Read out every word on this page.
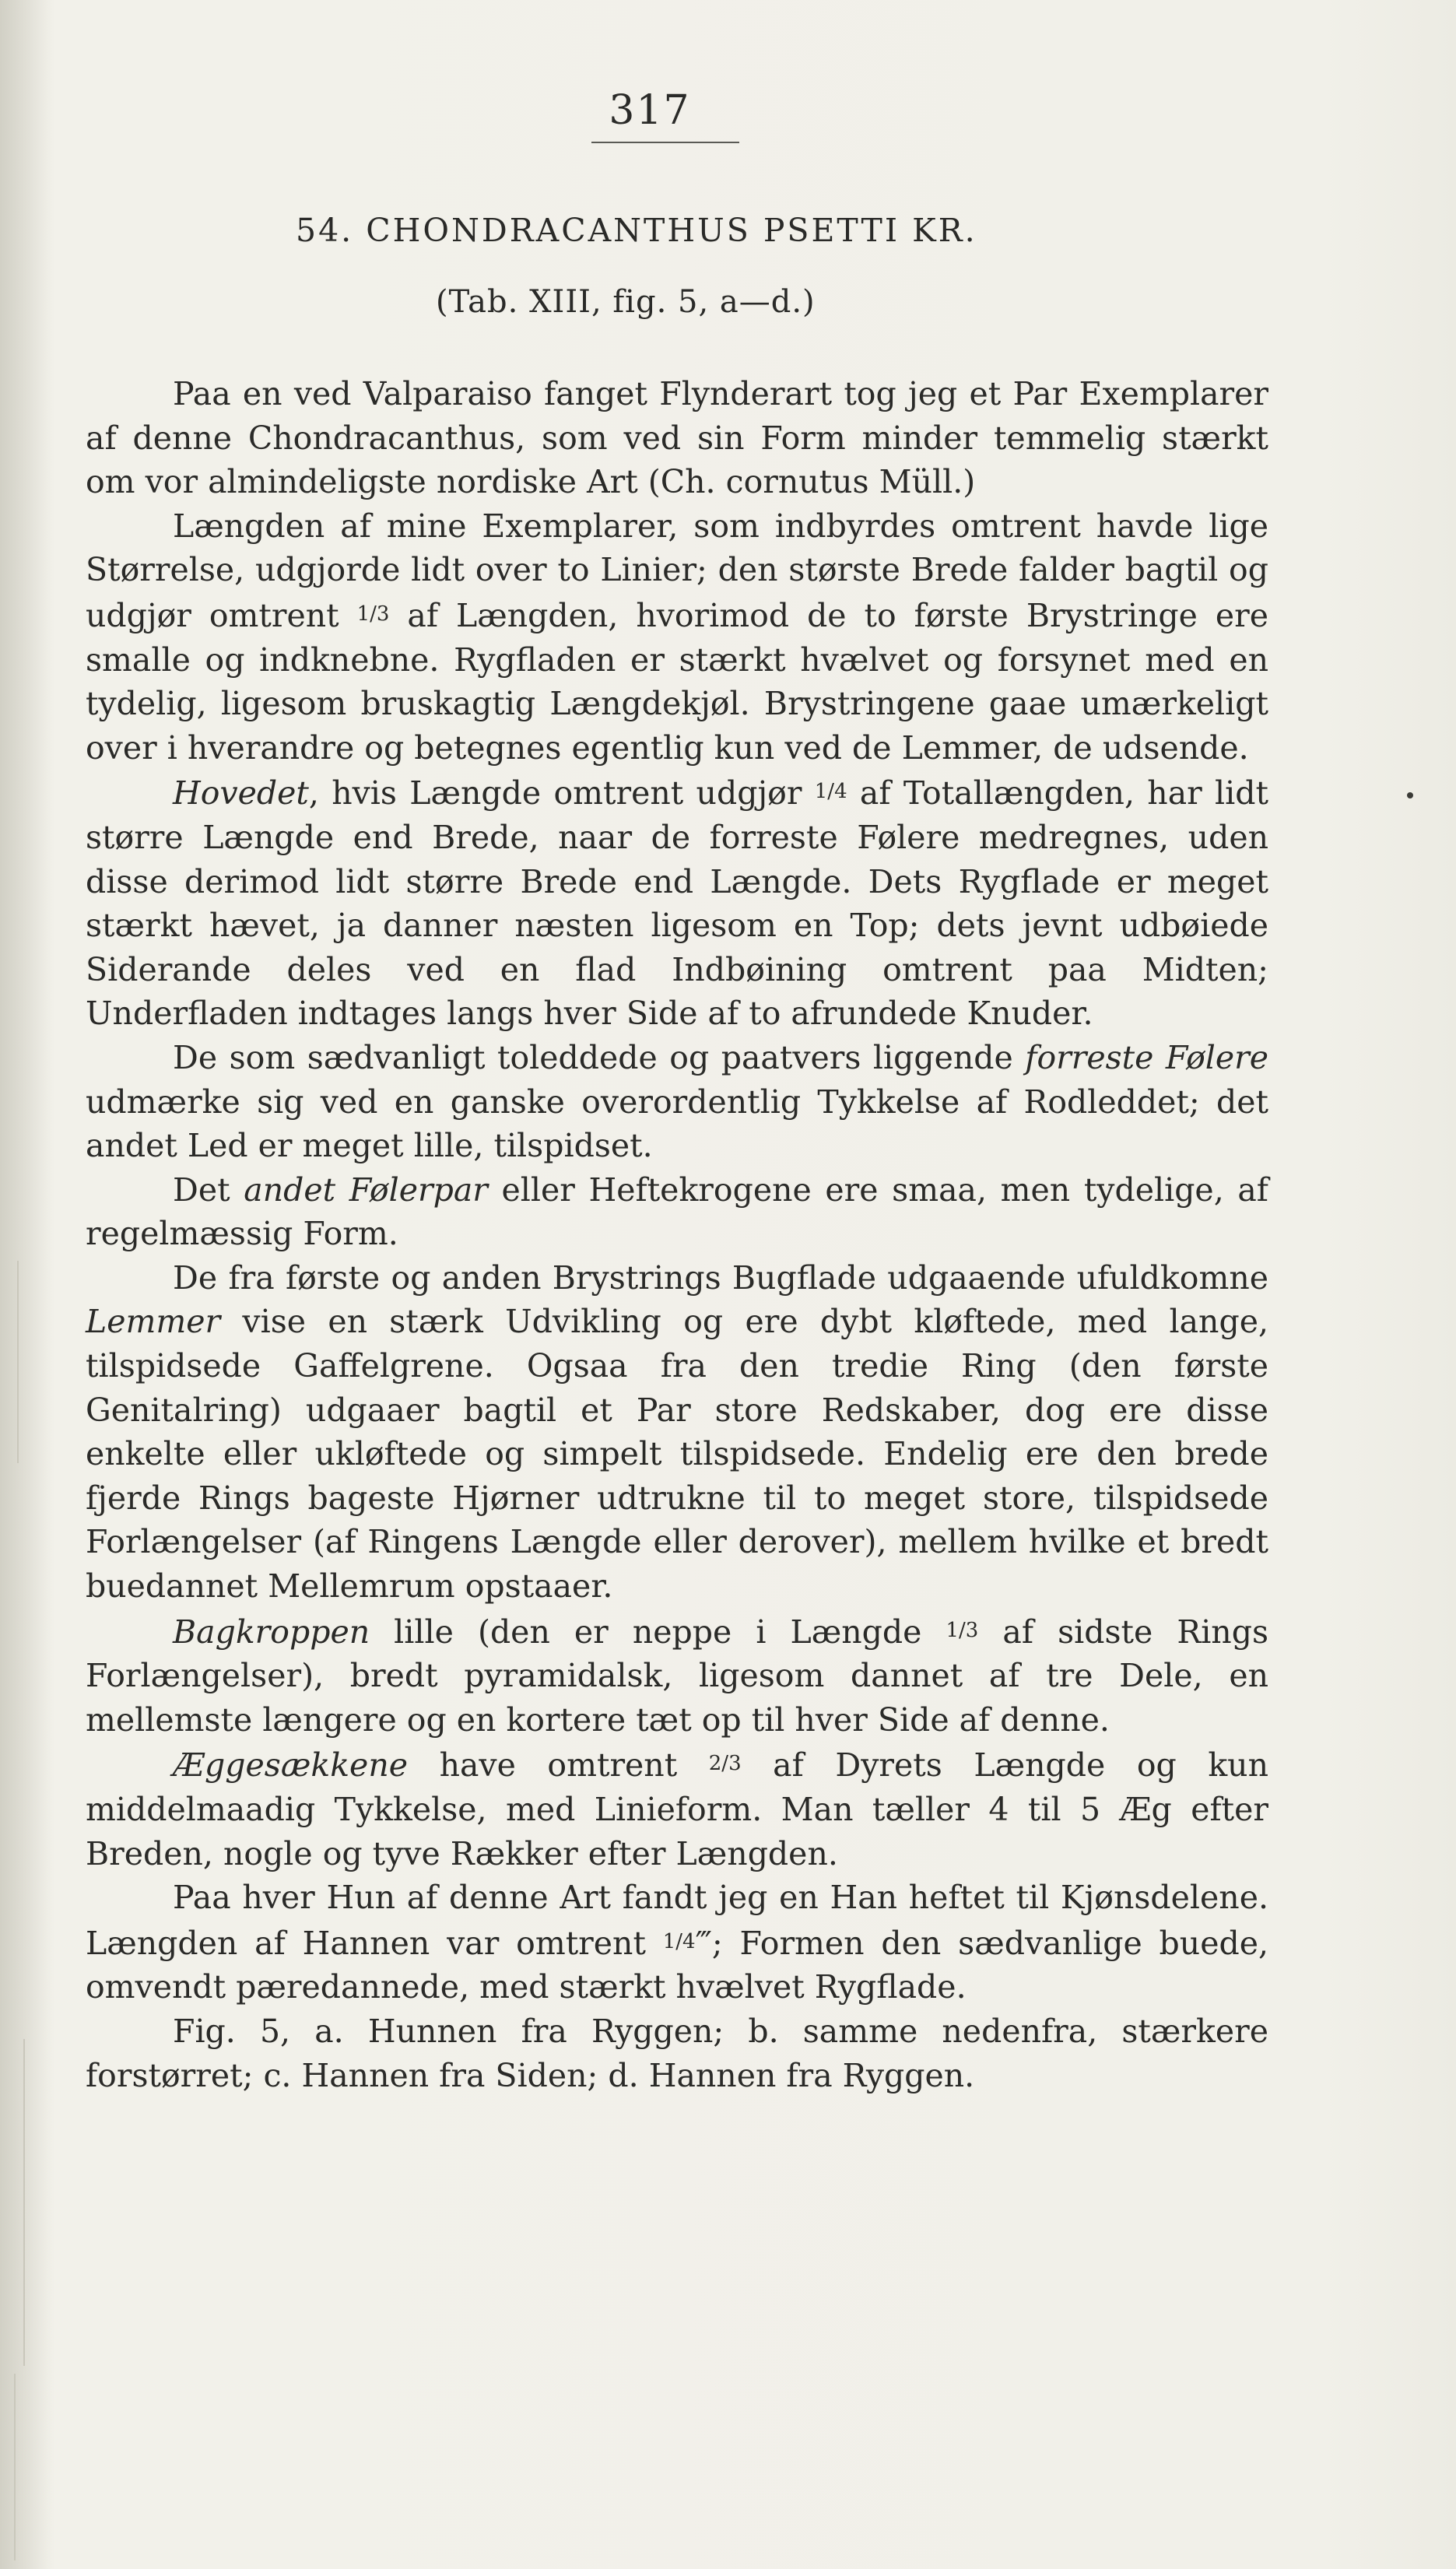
317
54. CHONDRACANTHUS PSETTI KR.
(Tab. XIII, fig. 5, a—d.)

Paa en ved Valparaiso fanget Flynderart tog jeg et Par Exemplarer af denne Chondracanthus, som ved sin Form minder temmelig stærkt om vor almindeligste nordiske Art (Ch. cornutus Müll.)

Længden af mine Exemplarer, som indbyrdes omtrent havde lige Størrelse, udgjorde lidt over to Linier; den største Brede falder bagtil og udgjør omtrent 1/3 af Længden, hvorimod de to første Brystringe ere smalle og indknebne. Rygfladen er stærkt hvælvet og forsynet med en tydelig, ligesom bruskagtig Længdekjøl. Brystringene gaae umærkeligt over i hverandre og betegnes egentlig kun ved de Lemmer, de udsende.

Hovedet, hvis Længde omtrent udgjør 1/4 af Totallængden, har lidt større Længde end Brede, naar de forreste Følere medregnes, uden disse derimod lidt større Brede end Længde. Dets Rygflade er meget stærkt hævet, ja danner næsten ligesom en Top; dets jevnt udbøiede Siderande deles ved en flad Indbøining omtrent paa Midten; Underfladen indtages langs hver Side af to afrundede Knuder.

De som sædvanligt toleddede og paatvers liggende forreste Følere udmærke sig ved en ganske overordentlig Tykkelse af Rodleddet; det andet Led er meget lille, tilspidset.

Det andet Følerpar eller Heftekrogene ere smaa, men tydelige, af regelmæssig Form.

De fra første og anden Brystrings Bugflade udgaaende ufuldkomne Lemmer vise en stærk Udvikling og ere dybt kløftede, med lange, tilspidsede Gaffelgrene. Ogsaa fra den tredie Ring (den første Genitalring) udgaaer bagtil et Par store Redskaber, dog ere disse enkelte eller ukløftede og simpelt tilspidsede. Endelig ere den brede fjerde Rings bageste Hjørner udtrukne til to meget store, tilspidsede Forlængelser (af Ringens Længde eller derover), mellem hvilke et bredt buedannet Mellemrum opstaaer.

Bagkroppen lille (den er neppe i Længde 1/3 af sidste Rings Forlængelser), bredt pyramidalsk, ligesom dannet af tre Dele, en mellemste længere og en kortere tæt op til hver Side af denne.

Æggesækkene have omtrent 2/3 af Dyrets Længde og kun middelmaadig Tykkelse, med Linieform. Man tæller 4 til 5 Æg efter Breden, nogle og tyve Rækker efter Længden.

Paa hver Hun af denne Art fandt jeg en Han heftet til Kjønsdelene. Længden af Hannen var omtrent 1/4‴; Formen den sædvanlige buede, omvendt pæredannede, med stærkt hvælvet Rygflade.

Fig. 5, a. Hunnen fra Ryggen; b. samme nedenfra, stærkere forstørret; c. Hannen fra Siden; d. Hannen fra Ryggen.
